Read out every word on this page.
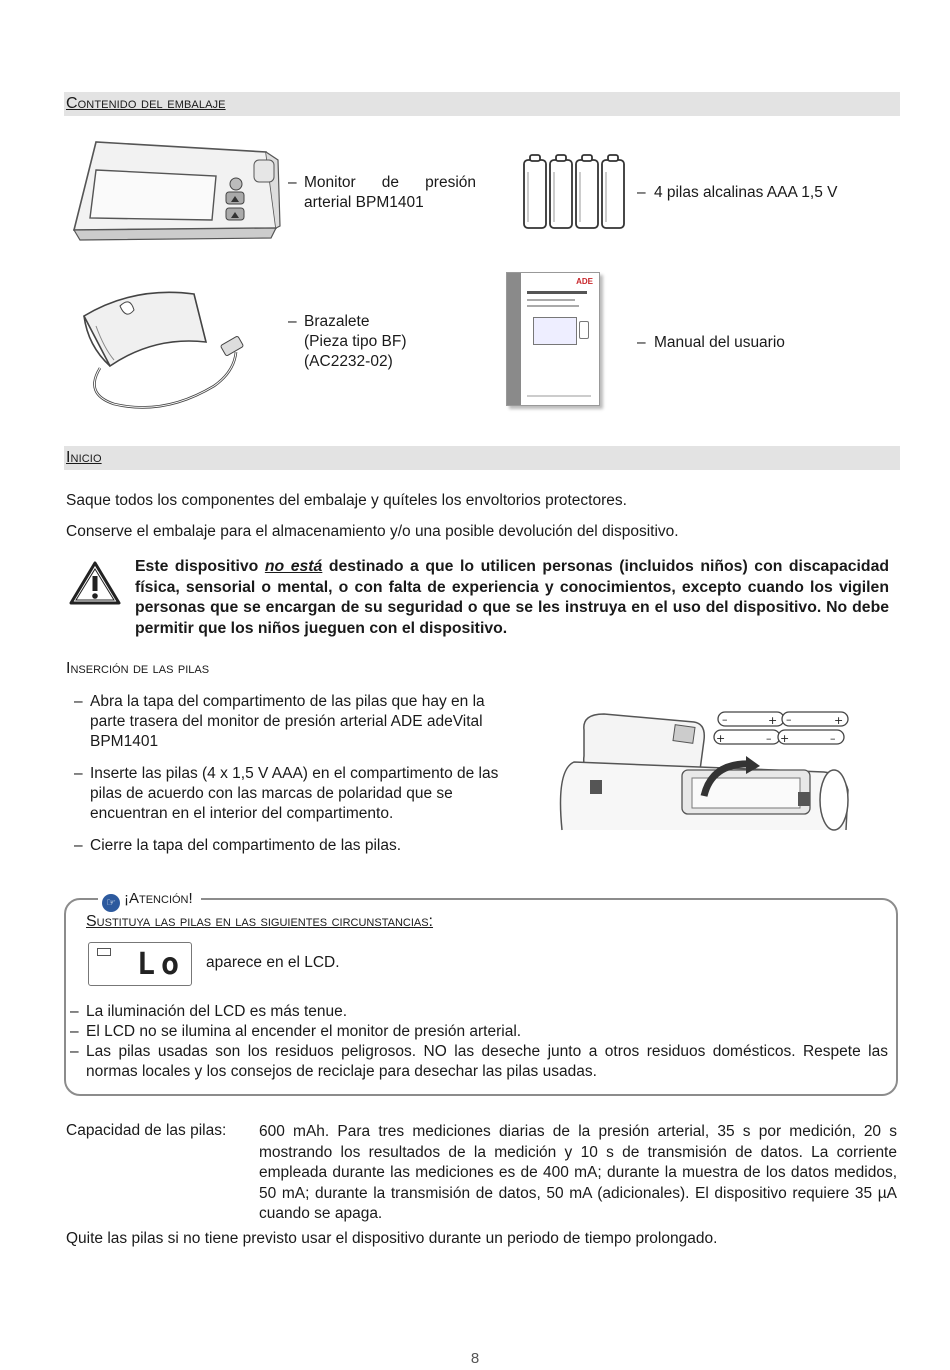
Contenido del embalaje
– Monitor de presión arterial BPM1401
– 4 pilas alcalinas AAA 1,5 V
– Brazalete
(Pieza tipo BF)
(AC2232-02)
ADE
– Manual del usuario
Inicio

Saque todos los componentes del embalaje y quíteles los envoltorios protectores.

Conserve el embalaje para el almacenamiento y/o una posible devolución del dispositivo.

Este dispositivo no está destinado a que lo utilicen personas (incluidos niños) con discapacidad física, sensorial o mental, o con falta de experiencia y conocimientos, excepto cuando los vigilen personas que se encargan de su seguridad o que se les instruya en el uso del dispositivo. No debe permitir que los niños jueguen con el dispositivo.
Inserción de las pilas
– Abra la tapa del compartimento de las pilas que hay en la parte trasera del monitor de presión arterial ADE adeVital BPM1401
– Inserte las pilas (4 x 1,5 V AAA) en el compartimento de las pilas de acuerdo con las marcas de polaridad que se encuentran en el interior del compartimento.
– Cierre la tapa del compartimento de las pilas.
–	+ –	+
+	– +	–
☞ ¡Atención!
Sustituya las pilas en las siguientes circunstancias:
Lo aparece en el LCD.
– La iluminación del LCD es más tenue.
– El LCD no se ilumina al encender el monitor de presión arterial.
– Las pilas usadas son los residuos peligrosos. NO las deseche junto a otros residuos domésticos. Respete las normas locales y los consejos de reciclaje para desechar las pilas usadas.
Capacidad de las pilas: 600 mAh. Para tres mediciones diarias de la presión arterial, 35 s por medición, 20 s mostrando los resultados de la medición y 10 s de transmisión de datos. La corriente empleada durante las mediciones es de 400 mA; durante la muestra de los datos medidos, 50 mA; durante la transmisión de datos, 50 mA (adicionales). El dispositivo requiere 35 µA cuando se apaga.
Quite las pilas si no tiene previsto usar el dispositivo durante un periodo de tiempo prolongado.
8
